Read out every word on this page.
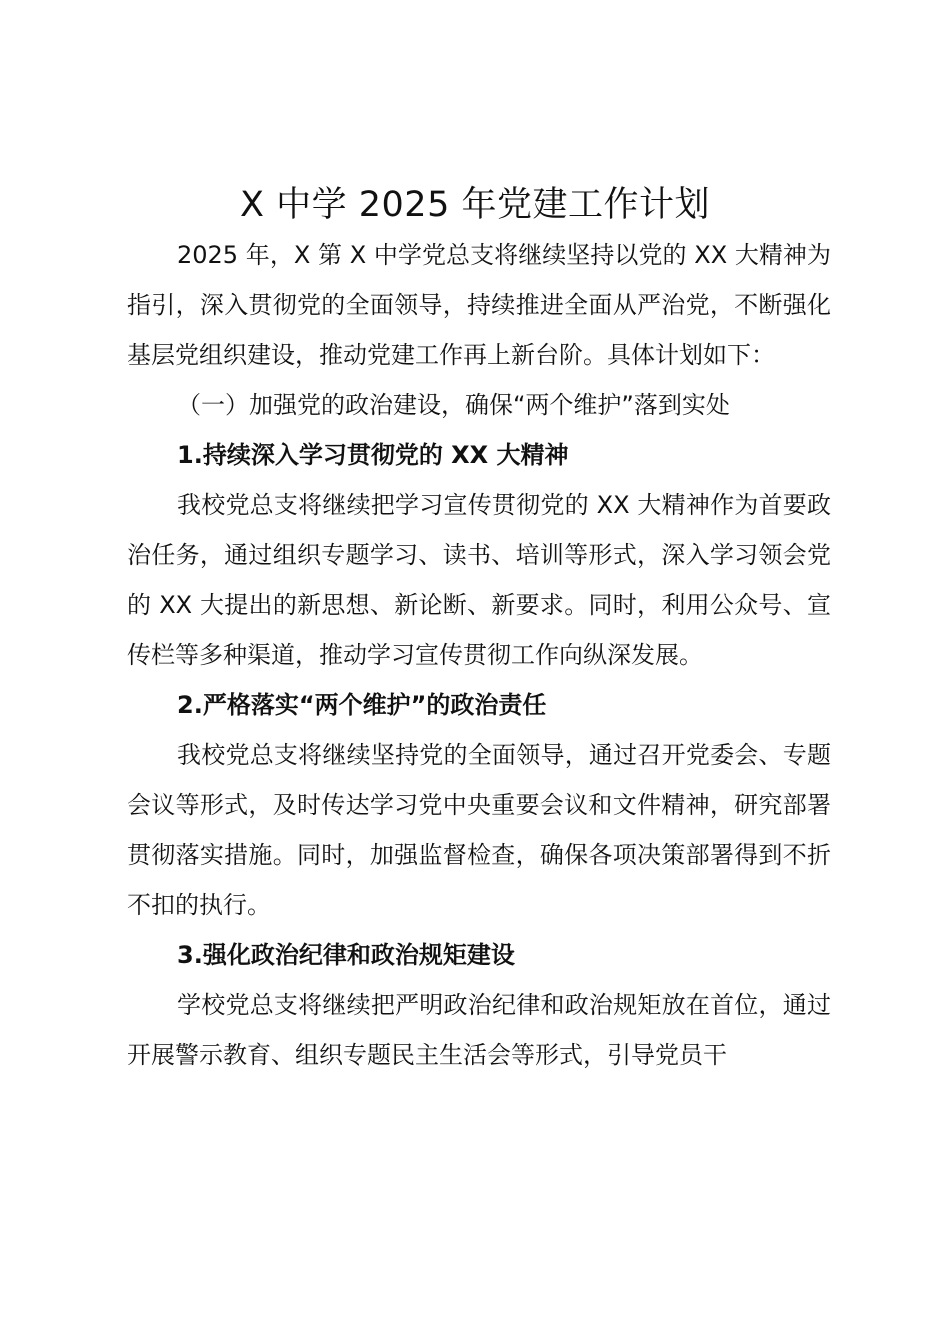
X 中学 2025 年党建工作计划

2025 年，X 第 X 中学党总支将继续坚持以党的 XX 大精神为指引，深入贯彻党的全面领导，持续推进全面从严治党，不断强化基层党组织建设，推动党建工作再上新台阶。具体计划如下：

（一）加强党的政治建设，确保“两个维护”落到实处

1.持续深入学习贯彻党的 XX 大精神

我校党总支将继续把学习宣传贯彻党的 XX 大精神作为首要政治任务，通过组织专题学习、读书、培训等形式，深入学习领会党的 XX 大提出的新思想、新论断、新要求。同时，利用公众号、宣传栏等多种渠道，推动学习宣传贯彻工作向纵深发展。

2.严格落实“两个维护”的政治责任

我校党总支将继续坚持党的全面领导，通过召开党委会、专题会议等形式，及时传达学习党中央重要会议和文件精神，研究部署贯彻落实措施。同时，加强监督检查，确保各项决策部署得到不折不扣的执行。

3.强化政治纪律和政治规矩建设

学校党总支将继续把严明政治纪律和政治规矩放在首位，通过开展警示教育、组织专题民主生活会等形式，引导党员干
